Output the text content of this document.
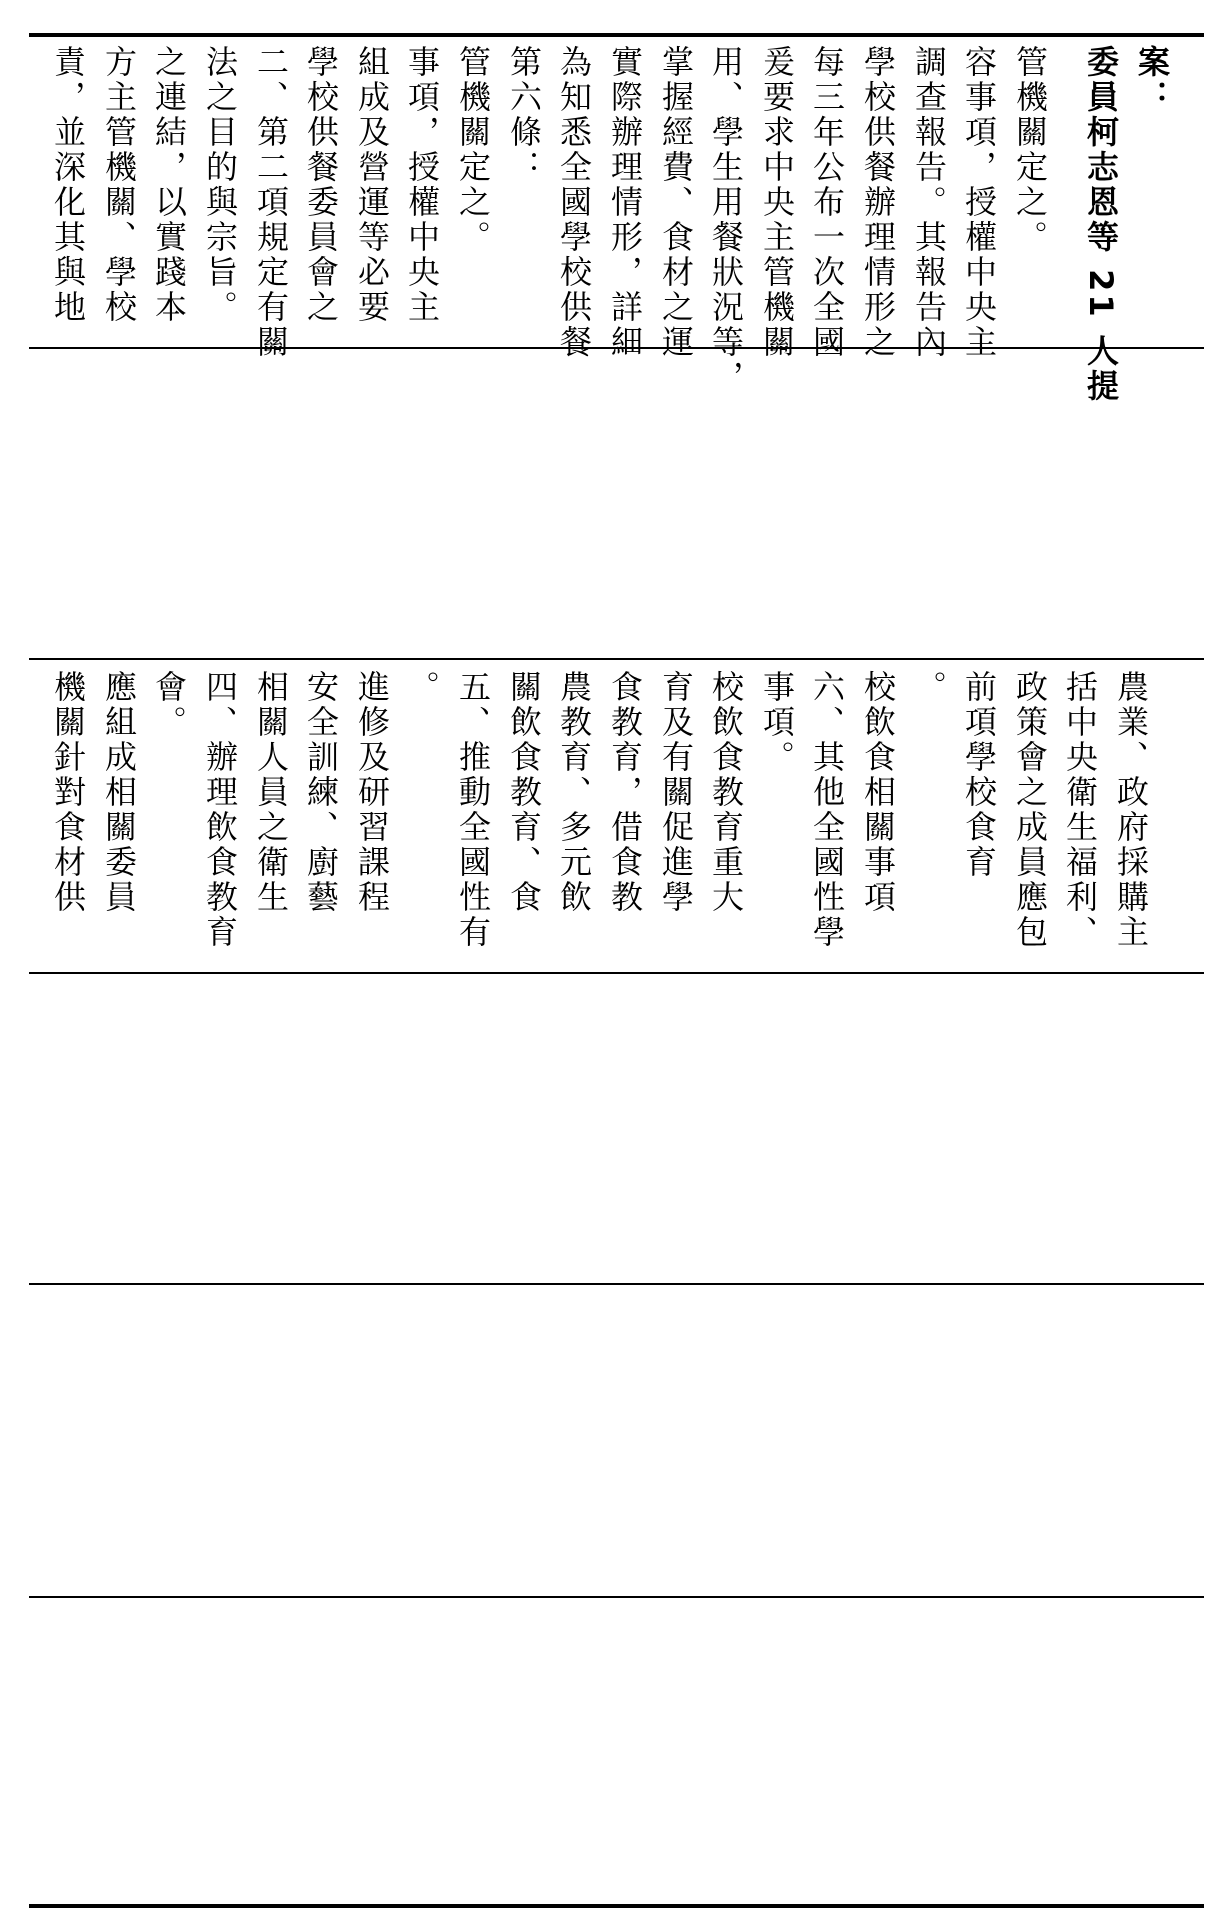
責，並深化其與地 方主管機關、學校 之連結，以實踐本 法之目的與宗旨。 二、第二項規定有關 學校供餐委員會之 組成及營運等必要 事項，授權中央主 管機關定之。 第六條： 為知悉全國學校供餐 實際辦理情形，詳細 掌握經費、食材之運 用、學生用餐狀況等， 爰要求中央主管機關 每三年公布一次全國 學校供餐辦理情形之 調查報告。其報告內 容事項，授權中央主 管機關定之。 委員柯志恩等 21 人提 案：
機關針對食材供 應組成相關委員 會。 四、辦理飲食教育 相關人員之衛生 安全訓練、廚藝 進修及研習課程 。 五、推動全國性有 關飲食教育、食 農教育、多元飲 食教育，借食教 育及有關促進學 校飲食教育重大 事項。 六、其他全國性學 校飲食相關事項 。 前項學校食育 政策會之成員應包 括中央衛生福利、 農業、政府採購主
